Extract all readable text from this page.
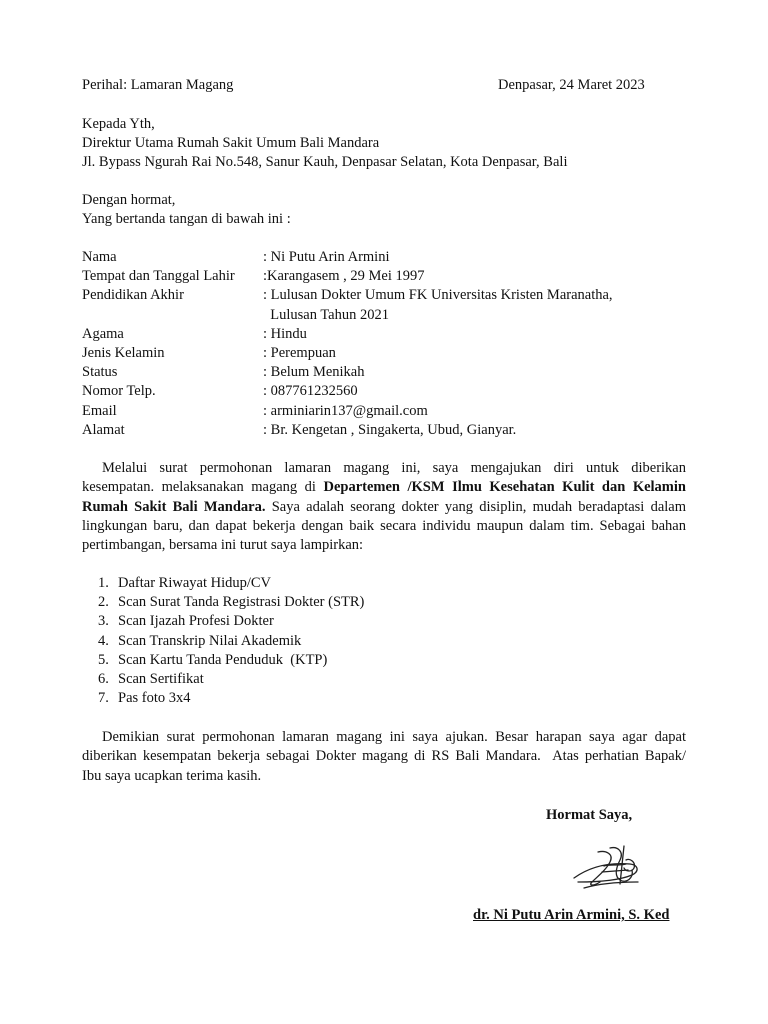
Perihal: Lamaran Magang	Denpasar, 24 Maret 2023
Kepada Yth,
Direktur Utama Rumah Sakit Umum Bali Mandara
Jl. Bypass Ngurah Rai No.548, Sanur Kauh, Denpasar Selatan, Kota Denpasar, Bali
Dengan hormat,
Yang bertanda tangan di bawah ini :
Nama	: Ni Putu Arin Armini
Tempat dan Tanggal Lahir :Karangasem , 29 Mei 1997
Pendidikan Akhir	: Lulusan Dokter Umum FK Universitas Kristen Maranatha,
Lulusan Tahun 2021
Agama	: Hindu
Jenis Kelamin	: Perempuan
Status	: Belum Menikah
Nomor Telp.	: 087761232560
Email	: arminiarin137@gmail.com
Alamat	: Br. Kengetan , Singakerta, Ubud, Gianyar.
Melalui surat permohonan lamaran magang ini, saya mengajukan diri untuk diberikan
kesempatan. melaksanakan magang di Departemen /KSM Ilmu Kesehatan Kulit dan Kelamin
Rumah Sakit Bali Mandara. Saya adalah seorang dokter yang disiplin, mudah beradaptasi dalam
lingkungan baru, dan dapat bekerja dengan baik secara individu maupun dalam tim. Sebagai bahan
pertimbangan, bersama ini turut saya lampirkan:
1. Daftar Riwayat Hidup/CV
2. Scan Surat Tanda Registrasi Dokter (STR)
3. Scan Ijazah Profesi Dokter
4. Scan Transkrip Nilai Akademik
5. Scan Kartu Tanda Penduduk  (KTP)
6. Scan Sertifikat
7. Pas foto 3x4
Demikian surat permohonan lamaran magang ini saya ajukan. Besar harapan saya agar dapat
diberikan kesempatan bekerja sebagai Dokter magang di RS Bali Mandara.  Atas perhatian Bapak/
Ibu saya ucapkan terima kasih.
Hormat Saya,
dr. Ni Putu Arin Armini, S. Ked
